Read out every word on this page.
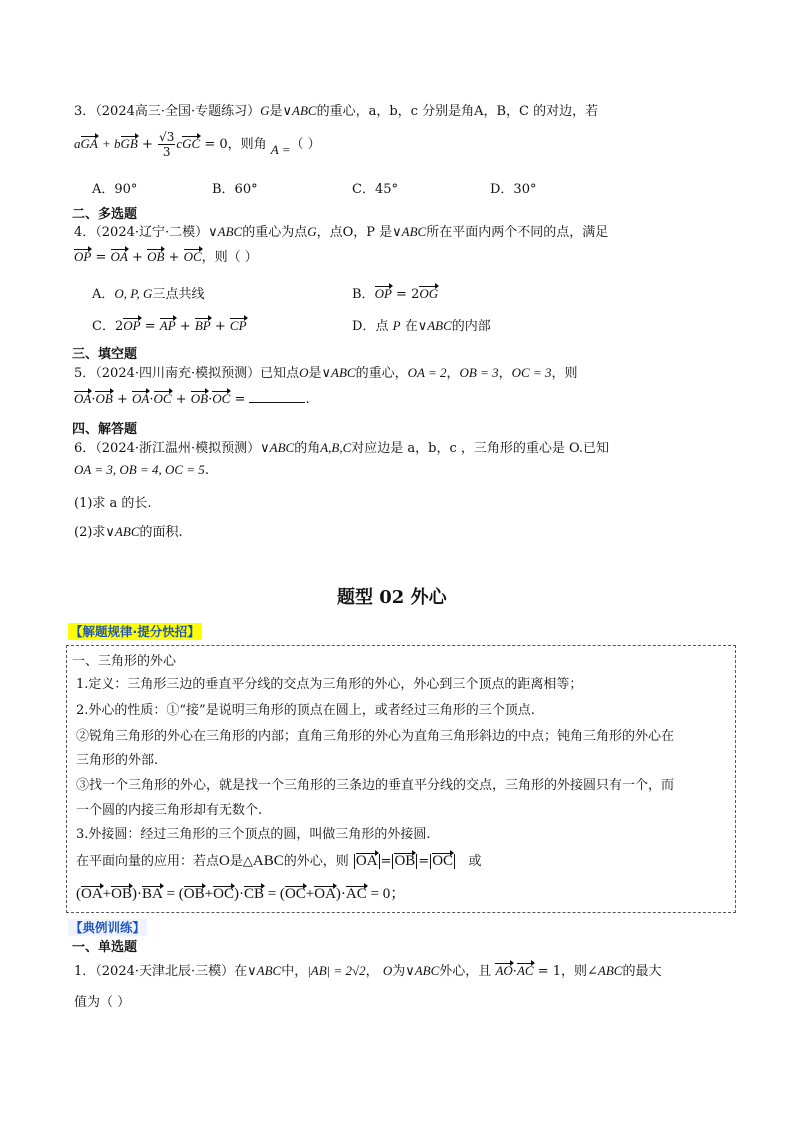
3．（2024高三·全国·专题练习）G是∨ABC的重心，a，b，c 分别是角A，B，C 的对边，若
aGA + bGB + $\frac{√3}{3}$ cGC = 0，则角 A =（ ）
A．90°	B．60°	C．45°	D．30°
二、多选题
4．（2024·辽宁·二模）∨ABC的重心为点G，点O，P 是∨ABC所在平面内两个不同的点，满足
OP = OA + OB + OC，则（ ）
A．O, P, G三点共线	B．OP = 2OG
C．2OP = AP + BP + CP	D．点 P 在∨ABC的内部
三、填空题
5．（2024·四川南充·模拟预测）已知点O是∨ABC的重心，OA = 2，OB = 3，OC = 3，则
OA·OB + OA·OC + OB·OC =	.
四、解答题
6．（2024·浙江温州·模拟预测）∨ABC的角A,B,C对应边是 a，b，c ，三角形的重心是 O.已知
OA = 3, OB = 4, OC = 5.
(1)求 a 的长.
(2)求∨ABC的面积.
题型 02 外心
【解题规律·提分快招】
一、三角形的外心
1.定义：三角形三边的垂直平分线的交点为三角形的外心，外心到三个顶点的距离相等；
2.外心的性质：①“接”是说明三角形的顶点在圆上，或者经过三角形的三个顶点.
②锐角三角形的外心在三角形的内部；直角三角形的外心为直角三角形斜边的中点；钝角三角形的外心在
三角形的外部.
③找一个三角形的外心，就是找一个三角形的三条边的垂直平分线的交点，三角形的外接圆只有一个，而
一个圆的内接三角形却有无数个.
3.外接圆：经过三角形的三个顶点的圆，叫做三角形的外接圆.
在平面向量的应用：若点O是△ABC的外心，则 OA = OB = OC 或
(OA+OB)·BA = (OB+OC)·CB = (OC+OA)·AC = 0；
【典例训练】
一、单选题
1．（2024·天津北辰·三模）在∨ABC中，|AB| = 2√2， O为∨ABC外心，且 AO·AC = 1，则∠ABC的最大
值为（ ）
